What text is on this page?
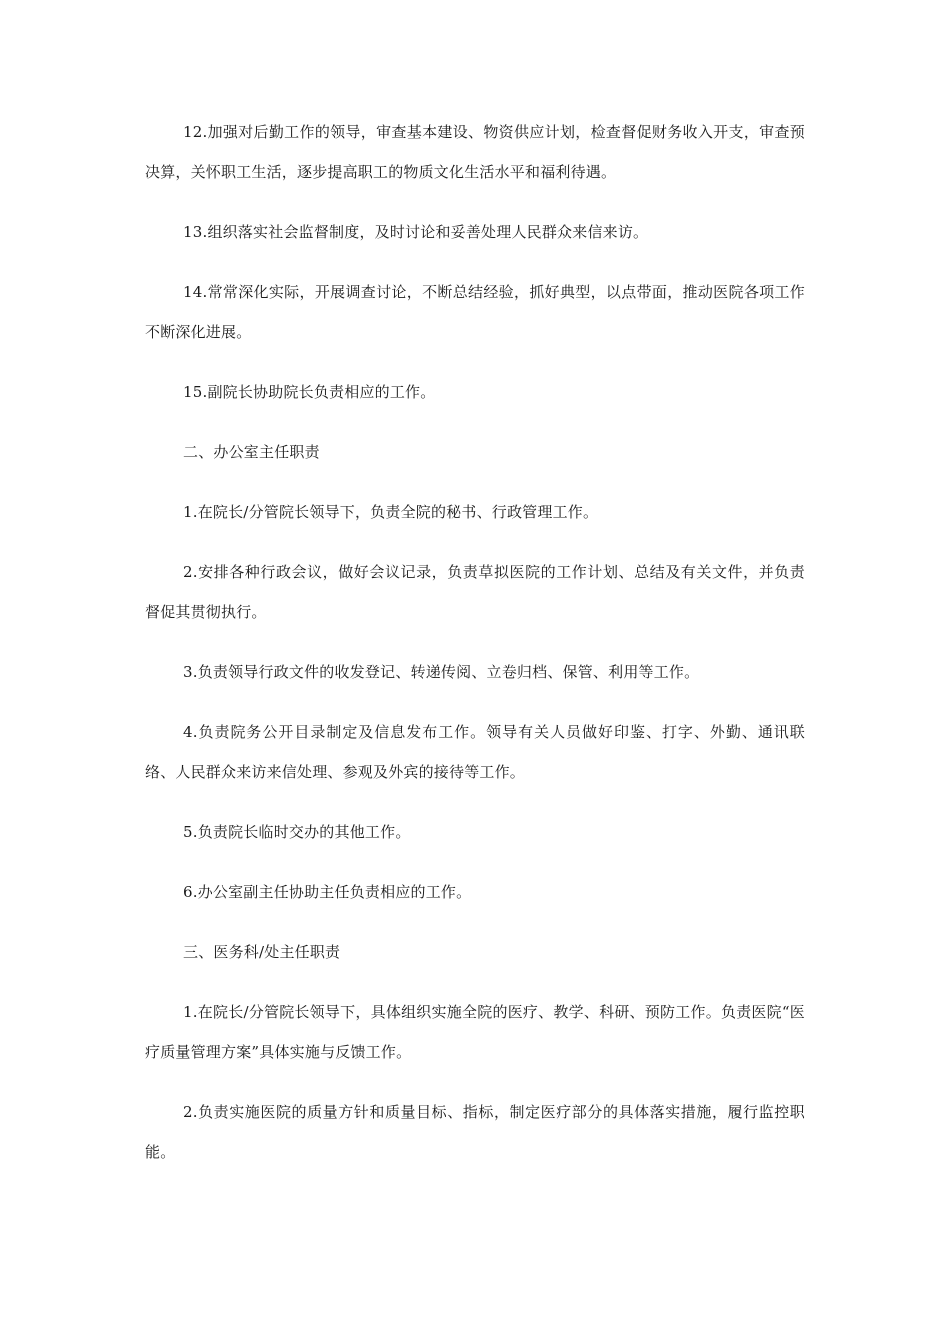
12.加强对后勤工作的领导，审查基本建设、物资供应计划，检查督促财务收入开支，审查预决算，关怀职工生活，逐步提高职工的物质文化生活水平和福利待遇。

13.组织落实社会监督制度，及时讨论和妥善处理人民群众来信来访。

14.常常深化实际，开展调查讨论，不断总结经验，抓好典型，以点带面，推动医院各项工作不断深化进展。

15.副院长协助院长负责相应的工作。

二、办公室主任职责

1.在院长/分管院长领导下，负责全院的秘书、行政管理工作。

2.安排各种行政会议，做好会议记录，负责草拟医院的工作计划、总结及有关文件，并负责督促其贯彻执行。

3.负责领导行政文件的收发登记、转递传阅、立卷归档、保管、利用等工作。

4.负责院务公开目录制定及信息发布工作。领导有关人员做好印鉴、打字、外勤、通讯联络、人民群众来访来信处理、参观及外宾的接待等工作。

5.负责院长临时交办的其他工作。

6.办公室副主任协助主任负责相应的工作。

三、医务科/处主任职责

1.在院长/分管院长领导下，具体组织实施全院的医疗、教学、科研、预防工作。负责医院“医疗质量管理方案”具体实施与反馈工作。

2.负责实施医院的质量方针和质量目标、指标，制定医疗部分的具体落实措施，履行监控职能。
